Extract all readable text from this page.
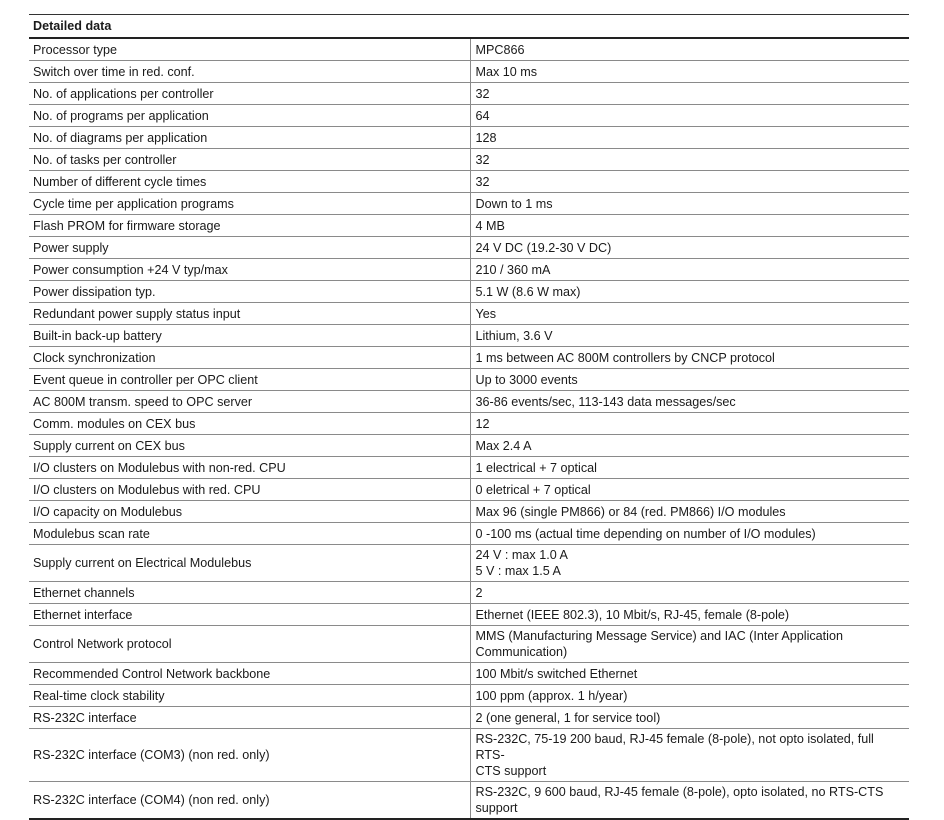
Detailed data	
Processor type	MPC866

Switch over time in red. conf.	Max 10 ms

No. of applications per controller	32

No. of programs per application	64

No. of diagrams per application	128

No. of tasks per controller	32

Number of different cycle times	32

Cycle time per application programs	Down to 1 ms

Flash PROM for firmware storage	4 MB

Power supply	24 V DC (19.2-30 V DC)

Power consumption +24 V typ/max	210 / 360 mA

Power dissipation typ.	5.1 W (8.6 W max)

Redundant power supply status input	Yes

Built-in back-up battery	Lithium, 3.6 V

Clock synchronization	1 ms between AC 800M controllers by CNCP protocol

Event queue in controller per OPC client	Up to 3000 events

AC 800M transm. speed to OPC server	36-86 events/sec, 113-143 data messages/sec

Comm. modules on CEX bus	12

Supply current on CEX bus	Max 2.4 A

I/O clusters on Modulebus with non-red. CPU	1 electrical + 7 optical

I/O clusters on Modulebus with red. CPU	0 eletrical + 7 optical

I/O capacity on Modulebus	Max 96 (single PM866) or 84 (red. PM866) I/O modules

Modulebus scan rate	0 -100 ms (actual time depending on number of I/O modules)

Supply current on Electrical Modulebus	24 V : max 1.0 A
5 V : max 1.5 A

Ethernet channels	2

Ethernet interface	Ethernet (IEEE 802.3), 10 Mbit/s, RJ-45, female (8-pole)

Control Network protocol	MMS (Manufacturing Message Service) and IAC (Inter Application
Communication)

Recommended Control Network backbone	100 Mbit/s switched Ethernet

Real-time clock stability	100 ppm (approx. 1 h/year)

RS-232C interface	2 (one general, 1 for service tool)

RS-232C interface (COM3) (non red. only)	RS-232C, 75-19 200 baud, RJ-45 female (8-pole), not opto isolated, full RTS-
CTS support

RS-232C interface (COM4) (non red. only)	RS-232C, 9 600 baud, RJ-45 female (8-pole), opto isolated, no RTS-CTS
support
